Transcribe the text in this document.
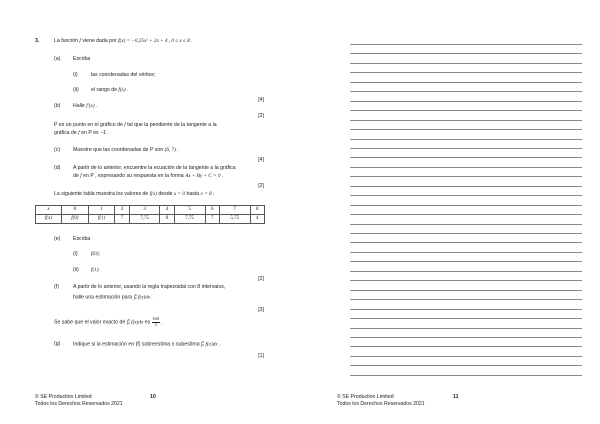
3.	La función f viene dada por f(x) = −0,25x² + 2x + 4 , 0 ≤ x ≤ 8 .
(a) Escriba
(i)	las coordenadas del vértice;
(ii) el rango de f(x) .
[4]
(b) Halle f′(x) .
[2]
P es un punto en el gráfico de f tal que la pendiente de la tangente a la
gráfica de f en P es −1 .
(c) Muestre que las coordenadas de P son (6, 7) .
[4]
(d) A partir de lo anterior, encuentre la ecuación de la tangente a la gráfica
de f en P , expresando su respuesta en la forma Ax + By + C = 0 .
[2]
La siguiente tabla muestra los valores de f(x) desde x = 0 hasta x = 8 :
x	0	1	2	3	4	5	6	7	8
f(x)	f(0)	f(1)	7	7,75	8	7,75	7	5,75	4
(e) Escriba
(i)	f(0);
(ii) f(1).
[2]
(f)	A partir de lo anterior, usando la regla trapezoidal con 8 intervalos,
halle una estimación para ∫8
0 f(x)dx .
[3]
Se sabe que el valor exacto de ∫8
0 f(x)dx es $\frac{160}{3}$ .
(g) Indique si la estimación en (f) sobreestima o subestima ∫8
0 f(x)dx .
[1]
© SE Production Limited
Todos los Derechos Reservados 2021
10	© SE Production Limited
Todos los Derechos Reservados 2021
11
